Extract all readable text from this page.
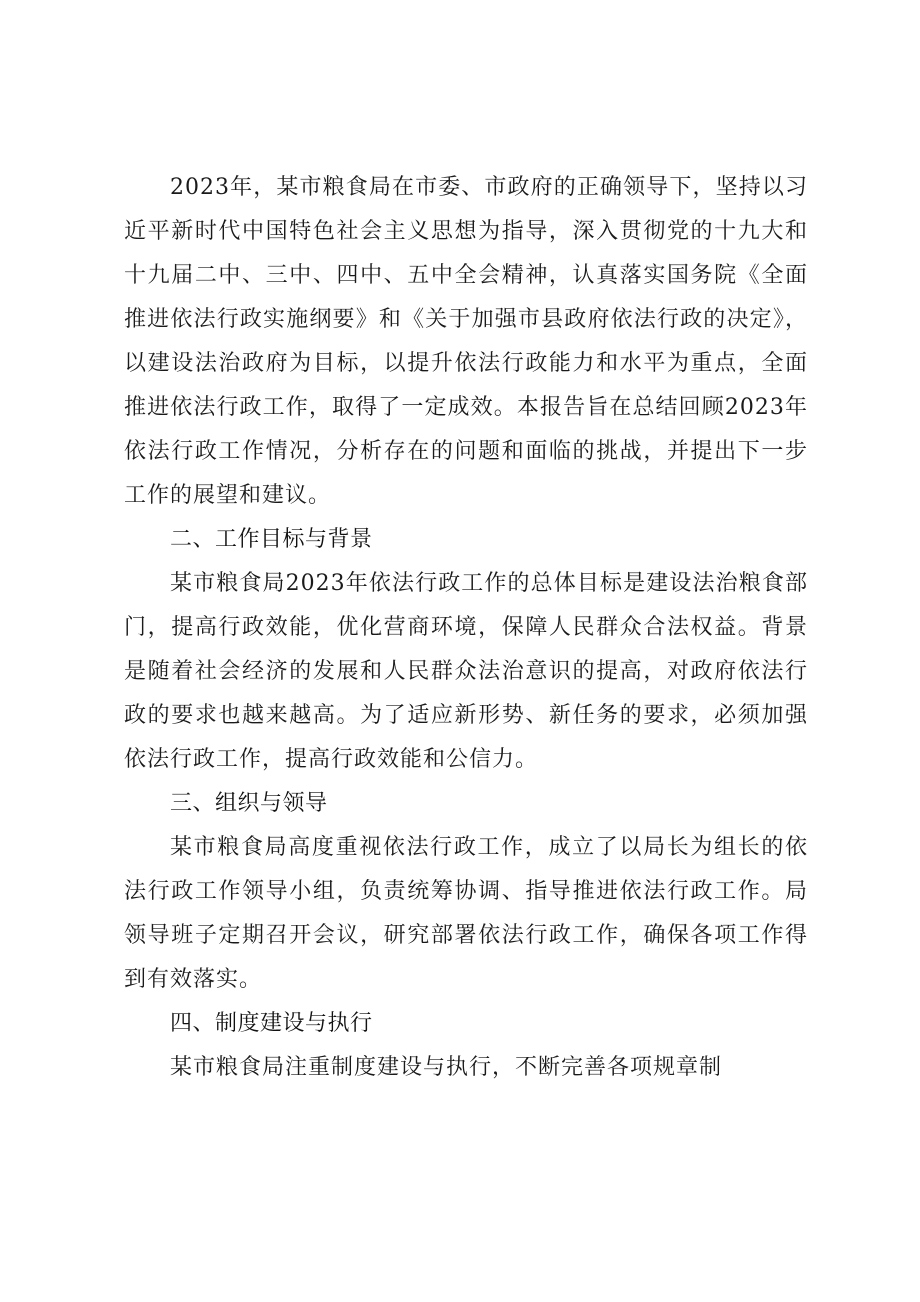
2023年，某市粮食局在市委、市政府的正确领导下，坚持以习近平新时代中国特色社会主义思想为指导，深入贯彻党的十九大和十九届二中、三中、四中、五中全会精神，认真落实国务院《全面推进依法行政实施纲要》和《关于加强市县政府依法行政的决定》，以建设法治政府为目标，以提升依法行政能力和水平为重点，全面推进依法行政工作，取得了一定成效。本报告旨在总结回顾2023年依法行政工作情况，分析存在的问题和面临的挑战，并提出下一步工作的展望和建议。

二、工作目标与背景

某市粮食局2023年依法行政工作的总体目标是建设法治粮食部门，提高行政效能，优化营商环境，保障人民群众合法权益。背景是随着社会经济的发展和人民群众法治意识的提高，对政府依法行政的要求也越来越高。为了适应新形势、新任务的要求，必须加强依法行政工作，提高行政效能和公信力。

三、组织与领导

某市粮食局高度重视依法行政工作，成立了以局长为组长的依法行政工作领导小组，负责统筹协调、指导推进依法行政工作。局领导班子定期召开会议，研究部署依法行政工作，确保各项工作得到有效落实。

四、制度建设与执行

某市粮食局注重制度建设与执行，不断完善各项规章制
